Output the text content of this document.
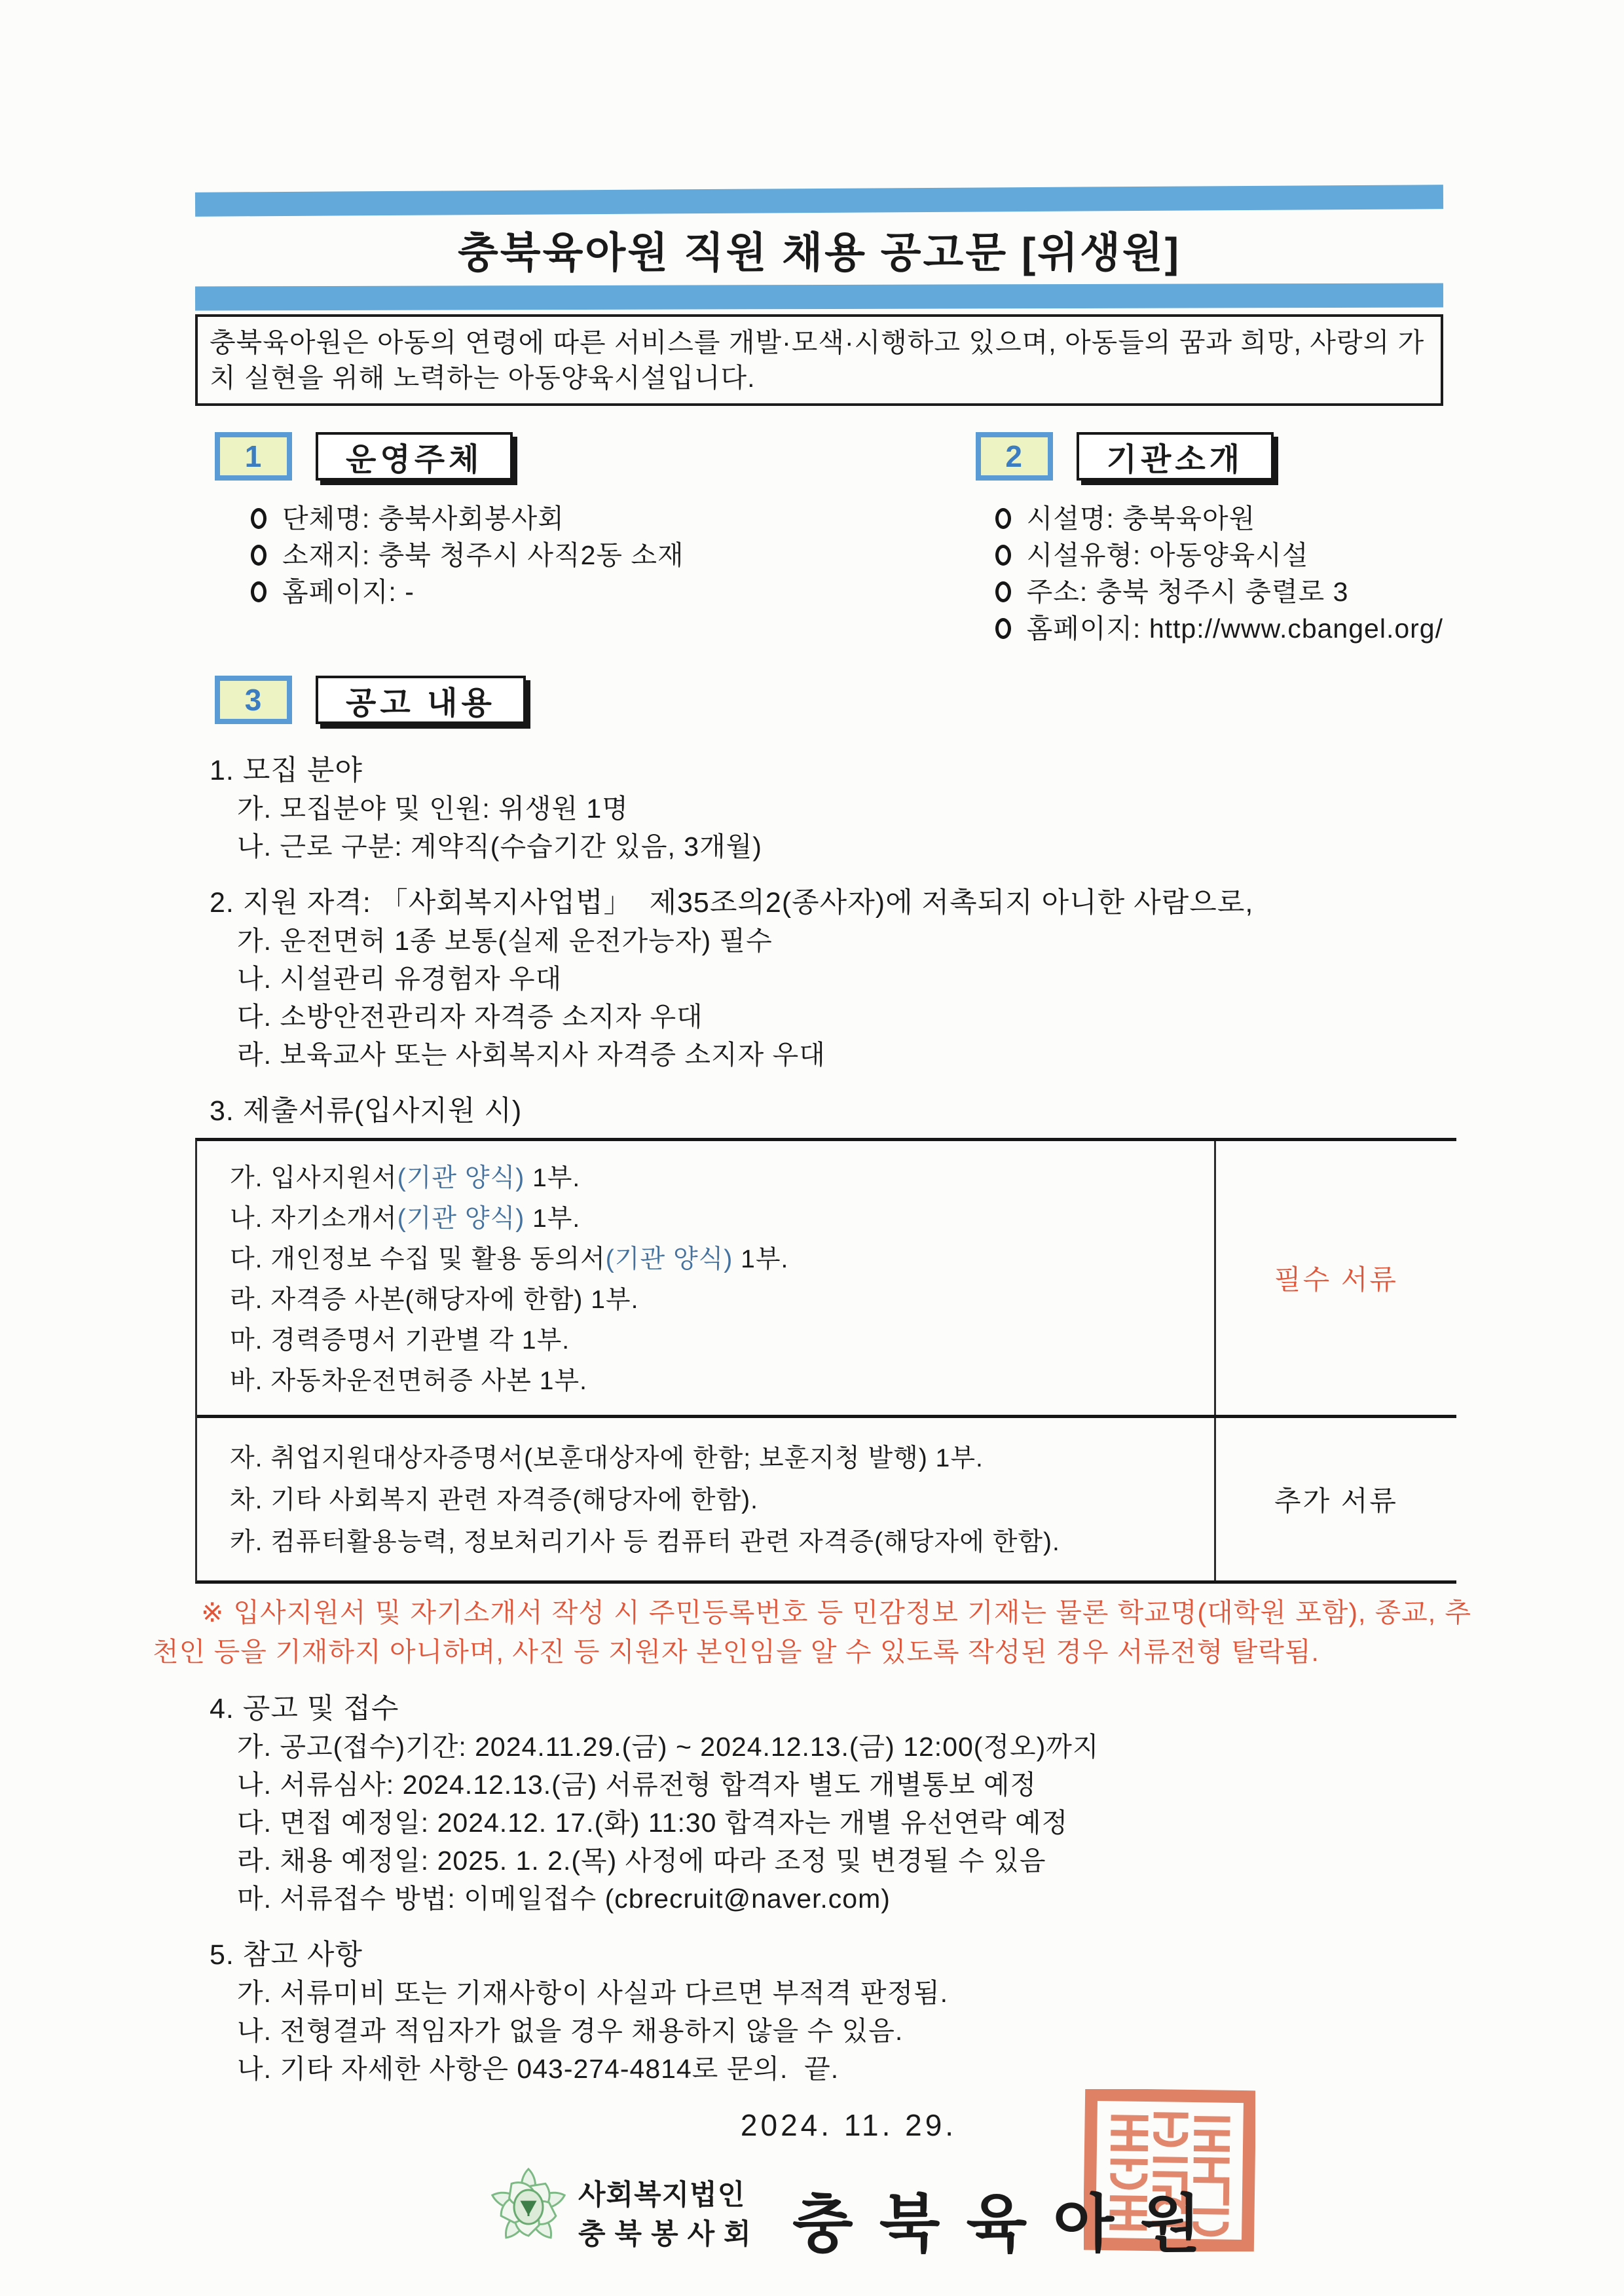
충북육아원 직원 채용 공고문 [위생원]
충북육아원은 아동의 연령에 따른 서비스를 개발·모색·시행하고 있으며, 아동들의 꿈과 희망, 사랑의 가치 실현을 위해 노력하는 아동양육시설입니다.
1	운영주체
단체명: 충북사회봉사회
소재지: 충북 청주시 사직2동 소재
홈페이지: -
2	기관소개
시설명: 충북육아원
시설유형: 아동양육시설
주소: 충북 청주시 충렬로 3
홈페이지: http://www.cbangel.org/
3	공고 내용
1. 모집 분야
가. 모집분야 및 인원: 위생원 1명
나. 근로 구분: 계약직(수습기간 있음, 3개월)
2. 지원 자격: 「사회복지사업법」  제35조의2(종사자)에 저촉되지 아니한 사람으로,
가. 운전면허 1종 보통(실제 운전가능자) 필수
나. 시설관리 유경험자 우대
다. 소방안전관리자 자격증 소지자 우대
라. 보육교사 또는 사회복지사 자격증 소지자 우대
3. 제출서류(입사지원 시)
가. 입사지원서(기관 양식) 1부.
나. 자기소개서(기관 양식) 1부.
다. 개인정보 수집 및 활용 동의서(기관 양식) 1부.
라. 자격증 사본(해당자에 한함) 1부.
마. 경력증명서 기관별 각 1부.
바. 자동차운전면허증 사본 1부.
필수 서류
자. 취업지원대상자증명서(보훈대상자에 한함; 보훈지청 발행) 1부.
차. 기타 사회복지 관련 자격증(해당자에 한함).
카. 컴퓨터활용능력, 정보처리기사 등 컴퓨터 관련 자격증(해당자에 한함).
추가 서류
※ 입사지원서 및 자기소개서 작성 시 주민등록번호 등 민감정보 기재는 물론 학교명(대학원 포함), 종교, 추천인 등을 기재하지 아니하며, 사진 등 지원자 본인임을 알 수 있도록 작성된 경우 서류전형 탈락됨.
4. 공고 및 접수
가. 공고(접수)기간: 2024.11.29.(금) ~ 2024.12.13.(금) 12:00(정오)까지
나. 서류심사: 2024.12.13.(금) 서류전형 합격자 별도 개별통보 예정
다. 면접 예정일: 2024.12. 17.(화) 11:30 합격자는 개별 유선연락 예정
라. 채용 예정일: 2025. 1. 2.(목) 사정에 따라 조정 및 변경될 수 있음
마. 서류접수 방법: 이메일접수 (cbrecruit@naver.com)
5. 참고 사항
가. 서류미비 또는 기재사항이 사실과 다르면 부적격 판정됨.
나. 전형결과 적임자가 없을 경우 채용하지 않을 수 있음.
나. 기타 자세한 사항은 043-274-4814로 문의.  끝.
2024. 11. 29.
사회복지법인
충북봉사회 충북육아원
